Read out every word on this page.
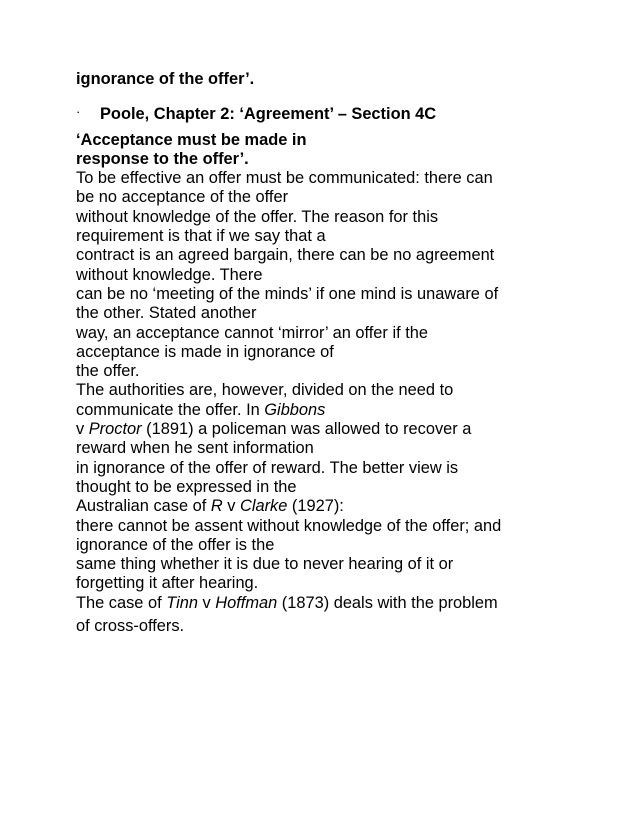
ignorance of the offer’.
· Poole, Chapter 2: ‘Agreement’ – Section 4C
‘Acceptance must be made in
response to the offer’.
To be effective an offer must be communicated: there can
be no acceptance of the offer
without knowledge of the offer. The reason for this
requirement is that if we say that a
contract is an agreed bargain, there can be no agreement
without knowledge. There
can be no ‘meeting of the minds’ if one mind is unaware of
the other. Stated another
way, an acceptance cannot ‘mirror’ an offer if the
acceptance is made in ignorance of
the offer.
The authorities are, however, divided on the need to
communicate the offer. In Gibbons
v Proctor (1891) a policeman was allowed to recover a
reward when he sent information
in ignorance of the offer of reward. The better view is
thought to be expressed in the
Australian case of R v Clarke (1927):
there cannot be assent without knowledge of the offer; and
ignorance of the offer is the
same thing whether it is due to never hearing of it or
forgetting it after hearing.
The case of Tinn v Hoffman (1873) deals with the problem
of cross-offers.
